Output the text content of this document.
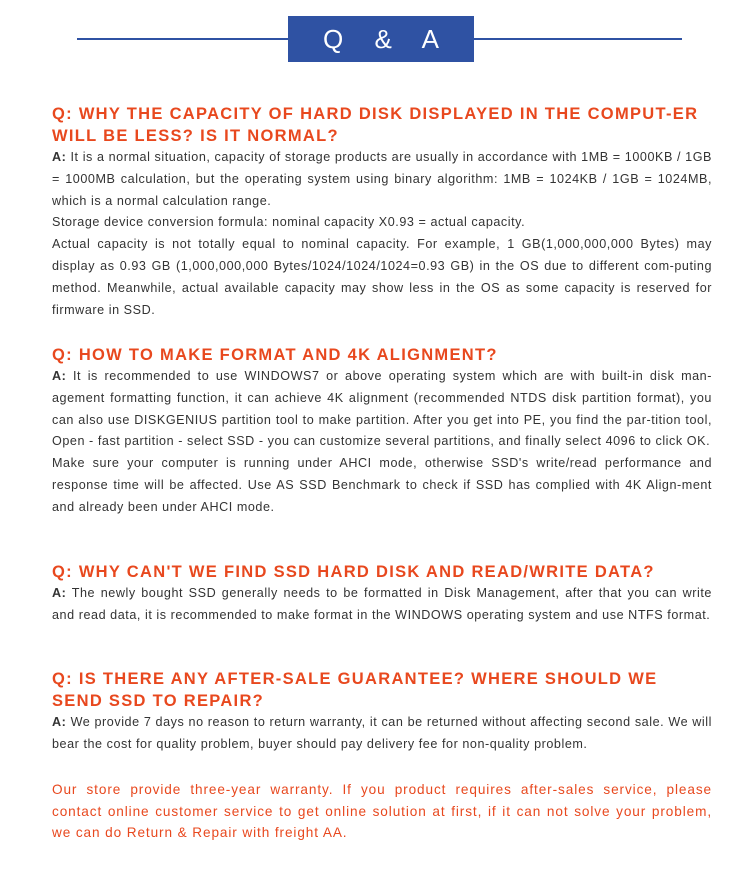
Q & A

Q: WHY THE CAPACITY OF HARD DISK DISPLAYED IN THE COMPUT-ER WILL BE LESS? IS IT NORMAL?

A: It is a normal situation, capacity of storage products are usually in accordance with 1MB = 1000KB / 1GB = 1000MB calculation, but the operating system using binary algorithm: 1MB = 1024KB / 1GB = 1024MB, which is a normal calculation range.

Storage device conversion formula: nominal capacity X0.93 = actual capacity.

Actual capacity is not totally equal to nominal capacity. For example, 1 GB(1,000,000,000 Bytes) may display as 0.93 GB (1,000,000,000 Bytes/1024/1024/1024=0.93 GB) in the OS due to different com-puting method. Meanwhile, actual available capacity may show less in the OS as some capacity is reserved for firmware in SSD.

Q: HOW TO MAKE FORMAT AND 4K ALIGNMENT?

A: It is recommended to use WINDOWS7 or above operating system which are with built-in disk man-agement formatting function, it can achieve 4K alignment (recommended NTDS disk partition format), you can also use DISKGENIUS partition tool to make partition. After you get into PE, you find the par-tition tool, Open - fast partition - select SSD - you can customize several partitions, and finally select 4096 to click OK.

Make sure your computer is running under AHCI mode, otherwise SSD's write/read performance and response time will be affected. Use AS SSD Benchmark to check if SSD has complied with 4K Align-ment and already been under AHCI mode.

Q: WHY CAN'T WE FIND SSD HARD DISK AND READ/WRITE DATA?

A: The newly bought SSD generally needs to be formatted in Disk Management, after that you can write and read data, it is recommended to make format in the WINDOWS operating system and use NTFS format.

Q: IS THERE ANY AFTER-SALE GUARANTEE? WHERE SHOULD WE SEND SSD TO REPAIR?

A: We provide 7 days no reason to return warranty, it can be returned without affecting second sale. We will bear the cost for quality problem, buyer should pay delivery fee for non-quality problem.

Our store provide three-year warranty. If you product requires after-sales service, please contact online customer service to get online solution at first, if it can not solve your problem, we can do Return & Repair with freight AA.
